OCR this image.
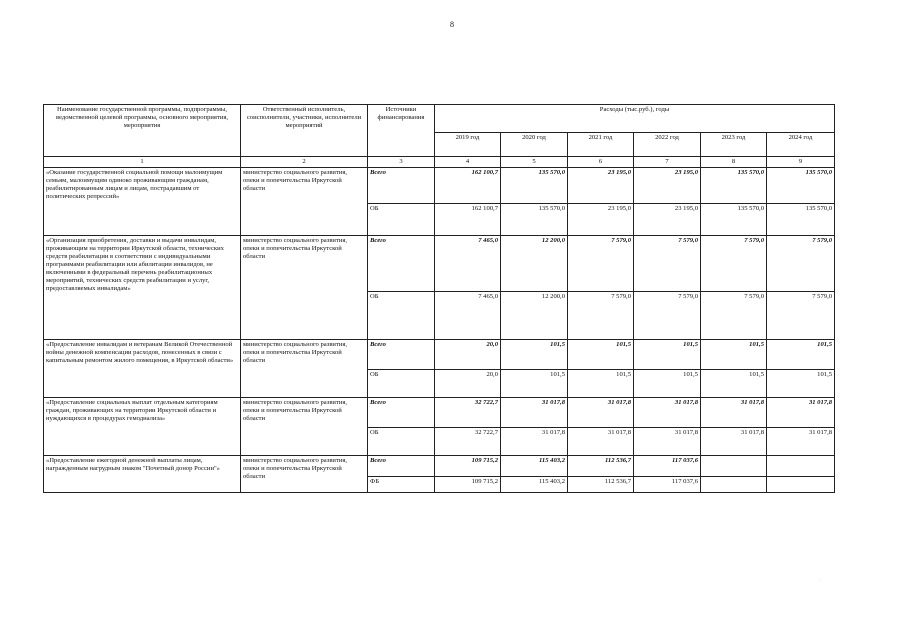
8
Наименование государственной программы, подпрограммы, ведомственной целевой программы, основного мероприятия, мероприятия	Ответственный исполнитель, соисполнители, участники, исполнители мероприятий	Источники финансирования	Расходы (тыс.руб.), годы					
			2019 год	2020 год	2021 год	2022 год	2023 год	2024 год
1	2	3	4	5	6	7	8	9
«Оказание государственной социальной помощи малоимущим семьям, малоимущим одиноко проживающим гражданам, реабилитированным лицам и лицам, пострадавшим от политических репрессий»	министерство социального развития, опеки и попечительства Иркутской области	Всего	162 100,7	135 570,0	23 195,0	23 195,0	135 570,0	135 570,0
		ОБ	162 100,7	135 570,0	23 195,0	23 195,0	135 570,0	135 570,0
«Организация приобретения, доставки и выдачи инвалидам, проживающим на территории Иркутской области, технических средств реабилитации в соответствии с индивидуальными программами реабилитации или абилитации инвалидов, не включенными в федеральный перечень реабилитационных мероприятий, технических средств реабилитации и услуг, предоставляемых инвалидам»	министерство социального развития, опеки и попечительства Иркутской области	Всего	7 465,0	12 200,0	7 579,0	7 579,0	7 579,0	7 579,0
		ОБ	7 465,0	12 200,0	7 579,0	7 579,0	7 579,0	7 579,0
«Предоставление инвалидам и ветеранам Великой Отечественной войны денежной компенсации расходов, понесенных в связи с капитальным ремонтом жилого помещения, в Иркутской области»	министерство социального развития, опеки и попечительства Иркутской области	Всего	20,0	101,5	101,5	101,5	101,5	101,5
		ОБ	20,0	101,5	101,5	101,5	101,5	101,5
«Предоставление социальных выплат отдельным категориям граждан, проживающих на территории Иркутской области и нуждающихся в процедурах гемодиализа»	министерство социального развития, опеки и попечительства Иркутской области	Всего	32 722,7	31 017,8	31 017,8	31 017,8	31 017,8	31 017,8
		ОБ	32 722,7	31 017,8	31 017,8	31 017,8	31 017,8	31 017,8
«Предоставление ежегодной денежной выплаты лицам, награжденным нагрудным знаком "Почетный донор России"»	министерство социального развития, опеки и попечительства Иркутской области	Всего	109 715,2	115 403,2	112 536,7	117 037,6		
		ФБ	109 715,2	115 403,2	112 536,7	117 037,6		
·
